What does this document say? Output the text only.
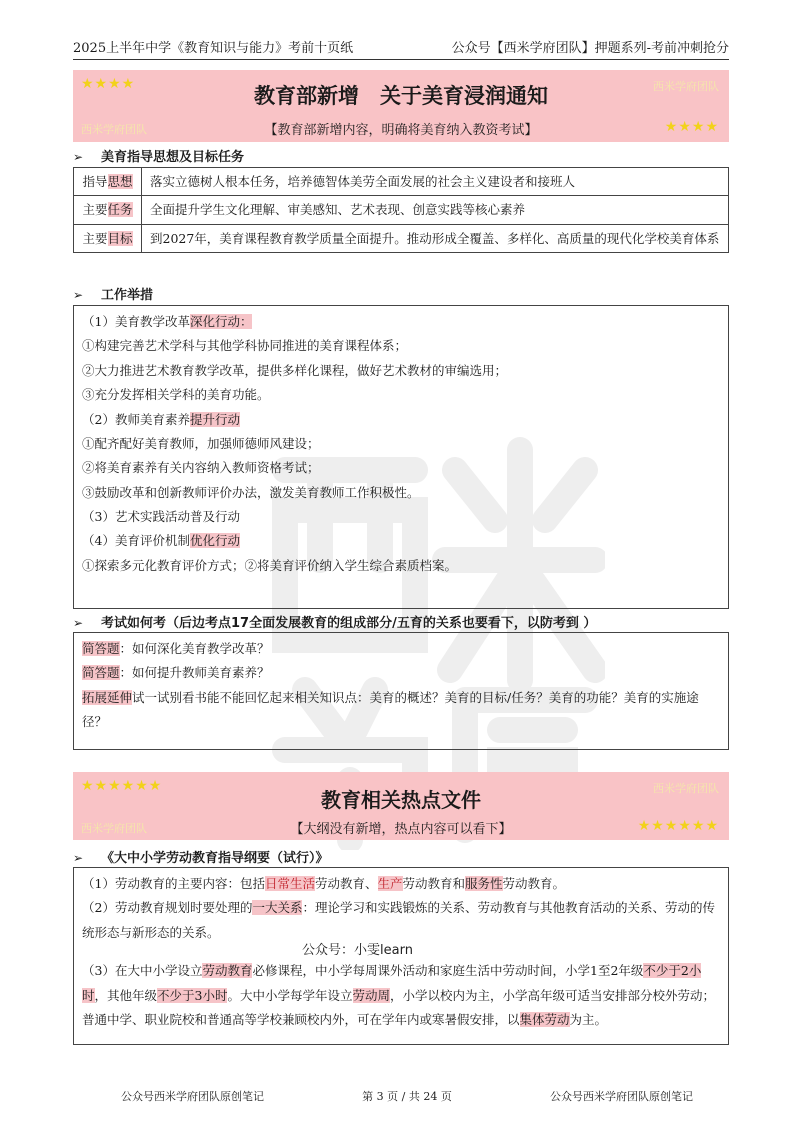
2025上半年中学《教育知识与能力》考前十页纸	公众号【西米学府团队】押题系列-考前冲刺抢分
★★★★	西米学府团队
教育部新增　关于美育浸润通知
西米学府团队	【教育部新增内容，明确将美育纳入教资考试】	★★★★
➢ 美育指导思想及目标任务
指导思想	落实立德树人根本任务，培养德智体美劳全面发展的社会主义建设者和接班人
主要任务	全面提升学生文化理解、审美感知、艺术表现、创意实践等核心素养
主要目标	到2027年，美育课程教育教学质量全面提升。推动形成全覆盖、多样化、高质量的现代化学校美育体系
➢ 工作举措

（1）美育教学改革深化行动：

①构建完善艺术学科与其他学科协同推进的美育课程体系；

②大力推进艺术教育教学改革，提供多样化课程，做好艺术教材的审编选用；

③充分发挥相关学科的美育功能。

（2）教师美育素养提升行动

①配齐配好美育教师，加强师德师风建设；

②将美育素养有关内容纳入教师资格考试；

③鼓励改革和创新教师评价办法，激发美育教师工作积极性。

（3）艺术实践活动普及行动

（4）美育评价机制优化行动

①探索多元化教育评价方式；②将美育评价纳入学生综合素质档案。

➢ 考试如何考（后边考点17全面发展教育的组成部分/五育的关系也要看下，以防考到 ）

简答题：如何深化美育教学改革？

简答题：如何提升教师美育素养？

拓展延伸试一试别看书能不能回忆起来相关知识点：美育的概述？美育的目标/任务？美育的功能？美育的实施途径？

★★★★★★	西米学府团队
教育相关热点文件
西米学府团队	【大纲没有新增，热点内容可以看下】	★★★★★★
➢ 《大中小学劳动教育指导纲要（试行）》

（1）劳动教育的主要内容：包括日常生活劳动教育、生产劳动教育和服务性劳动教育。

（2）劳动教育规划时要处理的一大关系：理论学习和实践锻炼的关系、劳动教育与其他教育活动的关系、劳动的传统形态与新形态的关系。

（3）在大中小学设立劳动教育必修课程，中小学每周课外活动和家庭生活中劳动时间，小学1至2年级不少于2小时，其他年级不少于3小时。大中小学每学年设立劳动周，小学以校内为主，小学高年级可适当安排部分校外劳动；普通中学、职业院校和普通高等学校兼顾校内外，可在学年内或寒暑假安排，以集体劳动为主。

公众号：小雯learn
公众号西米学府团队原创笔记	第 3 页 / 共 24 页	公众号西米学府团队原创笔记
